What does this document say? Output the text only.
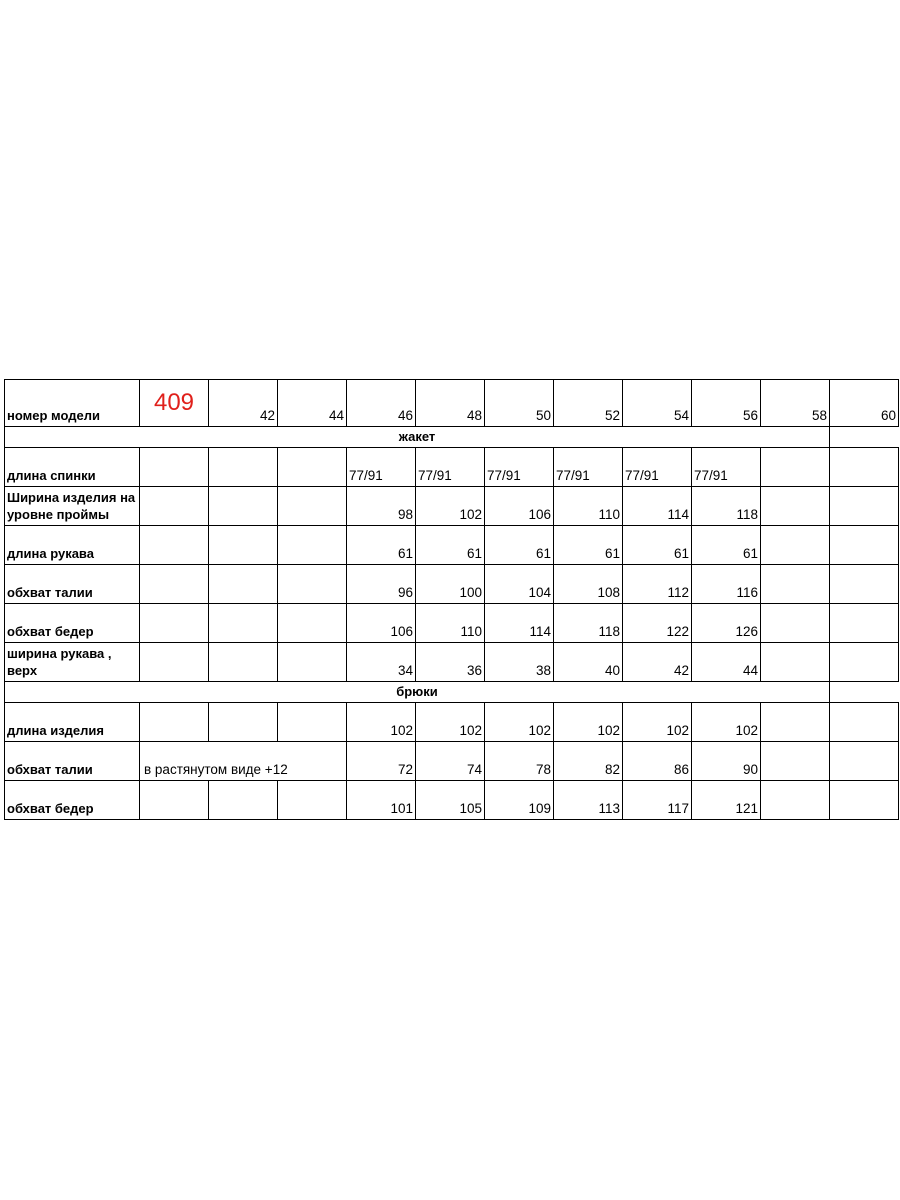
номер модели	409	42	44	46	48	50	52	54	56	58	60
жакет											
длина спинки				77/91	77/91	77/91	77/91	77/91	77/91		
Ширина изделия на уровне проймы				98	102	106	110	114	118		
длина рукава				61	61	61	61	61	61		
обхват талии				96	100	104	108	112	116		
обхват бедер				106	110	114	118	122	126		
ширина рукава , верх				34	36	38	40	42	44		
брюки											
длина изделия				102	102	102	102	102	102		
обхват талии	в растянутом виде +12			72	74	78	82	86	90		
обхват бедер				101	105	109	113	117	121		
